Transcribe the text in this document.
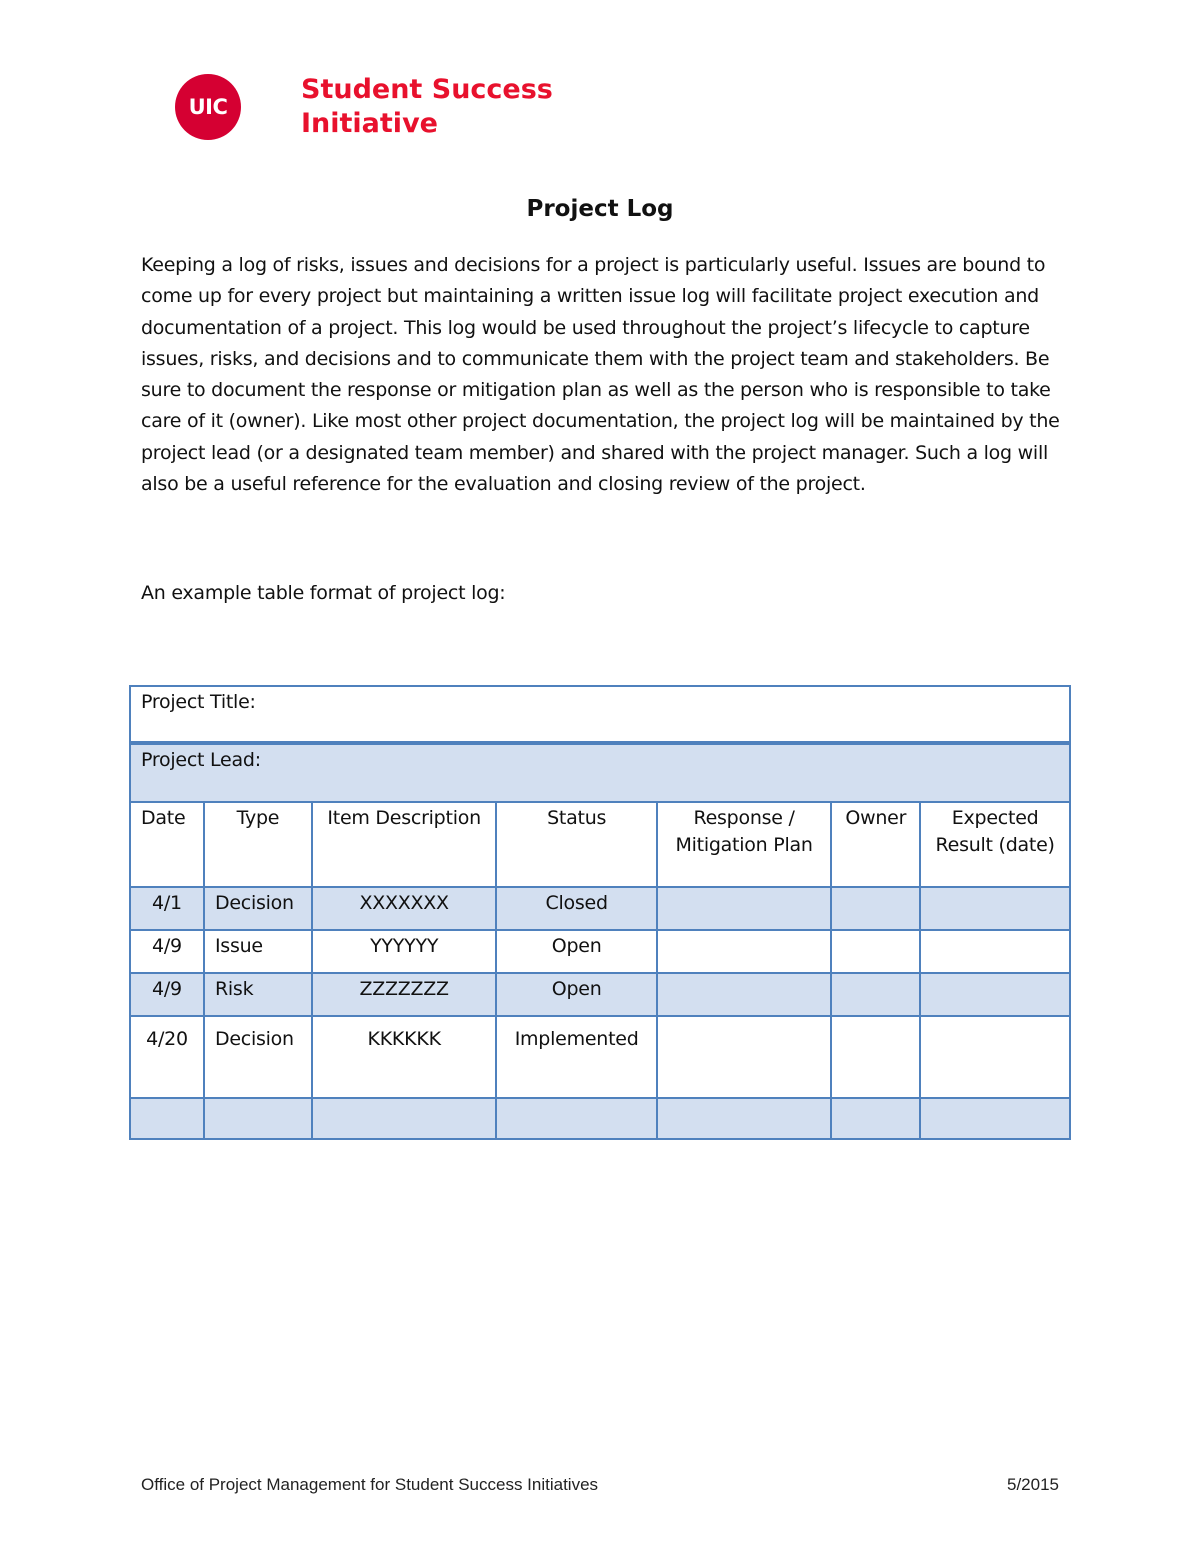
UIC
Student Success
Initiative
Project Log

Keeping a log of risks, issues and decisions for a project is particularly useful. Issues are bound to come up for every project but maintaining a written issue log will facilitate project execution and documentation of a project. This log would be used throughout the project’s lifecycle to capture issues, risks, and decisions and to communicate them with the project team and stakeholders. Be sure to document the response or mitigation plan as well as the person who is responsible to take care of it (owner). Like most other project documentation, the project log will be maintained by the project lead (or a designated team member) and shared with the project manager. Such a log will also be a useful reference for the evaluation and closing review of the project.

An example table format of project log:

Project Title:						
Project Lead:						
Date	Type	Item Description	Status	Response / Mitigation Plan	Owner	Expected Result (date)
4/1	Decision	XXXXXXX	Closed			
4/9	Issue	YYYYYY	Open			
4/9	Risk	ZZZZZZZ	Open			
4/20	Decision	KKKKKK	Implemented			

Office of Project Management for Student Success Initiatives	5/2015
